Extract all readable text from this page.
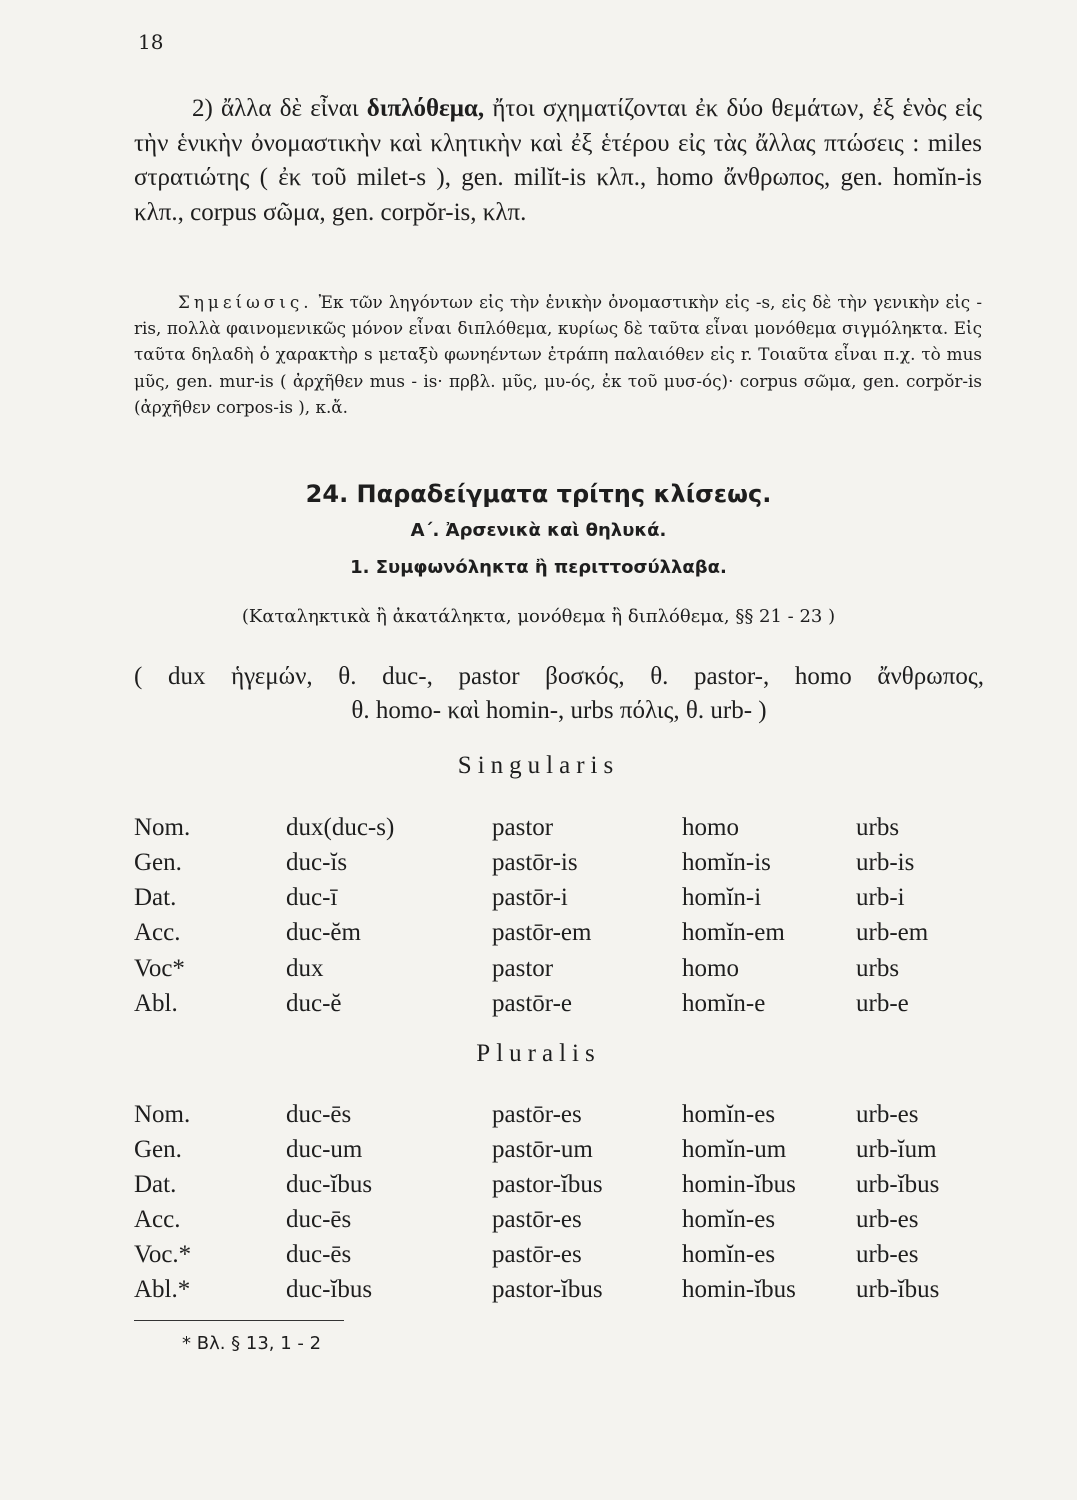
18

2) ἄλλα δὲ εἶναι διπλόθεμα, ἤτοι σχηματίζονται ἐκ δύο θεμάτων, ἐξ ἑνὸς εἰς τὴν ἑνικὴν ὀνομαστικὴν καὶ κλητικὴν καὶ ἐξ ἑτέρου εἰς τὰς ἄλλας πτώσεις : miles στρατιώτης ( ἐκ τοῦ milet-s ), gen. milĭt-is κλπ., homo ἄνθρωπος, gen. homĭn-is κλπ., corpus σῶμα, gen. corpŏr-is, κλπ.

Σημείωσις. Ἐκ τῶν ληγόντων εἰς τὴν ἑνικὴν ὀνομαστικὴν εἰς -s, εἰς δὲ τὴν γενικὴν εἰς -ris, πολλὰ φαινομενικῶς μόνον εἶναι διπλόθεμα, κυρίως δὲ ταῦτα εἶναι μονόθεμα σιγμόληκτα. Εἰς ταῦτα δηλαδὴ ὁ χαρακτὴρ s μεταξὺ φωνηέντων ἐτράπη παλαιόθεν εἰς r. Τοιαῦτα εἶναι π.χ. τὸ mus μῦς, gen. mur-is ( ἀρχῆθεν mus - is· πρβλ. μῦς, μυ-ός, ἐκ τοῦ μυσ-ός)· corpus σῶμα, gen. corpŏr-is (ἀρχῆθεν corpos-is ), κ.ἄ.

24. Παραδείγματα τρίτης κλίσεως.
Α΄. Ἀρσενικὰ καὶ θηλυκά.
1. Συμφωνόληκτα ἢ περιττοσύλλαβα.
(Καταληκτικὰ ἢ ἀκατάληκτα, μονόθεμα ἢ διπλόθεμα, §§ 21 - 23 )
( dux ἡγεμών, θ. duc-, pastor βοσκός, θ. pastor-, homo ἄνθρωπος,
θ. homo- καὶ homin-, urbs πόλις, θ. urb- )
Singularis
Nom.	dux(duc-s)	pastor	homo	urbs
Gen.	duc-ĭs	pastōr-is	homĭn-is	urb-is
Dat.	duc-ī	pastōr-i	homĭn-i	urb-i
Acc.	duc-ĕm	pastōr-em	homĭn-em	urb-em
Voc*	dux	pastor	homo	urbs
Abl.	duc-ĕ	pastōr-e	homĭn-e	urb-e
Pluralis
Nom.	duc-ēs	pastōr-es	homĭn-es	urb-es
Gen.	duc-um	pastōr-um	homĭn-um	urb-ĭum
Dat.	duc-ĭbus	pastor-ĭbus	homin-ĭbus urb-ĭbus
Acc.	duc-ēs	pastōr-es	homĭn-es	urb-es
Voc.*	duc-ēs	pastōr-es	homĭn-es	urb-es
Abl.*	duc-ĭbus	pastor-ĭbus	homin-ĭbus urb-ĭbus
* Βλ. § 13, 1 - 2
